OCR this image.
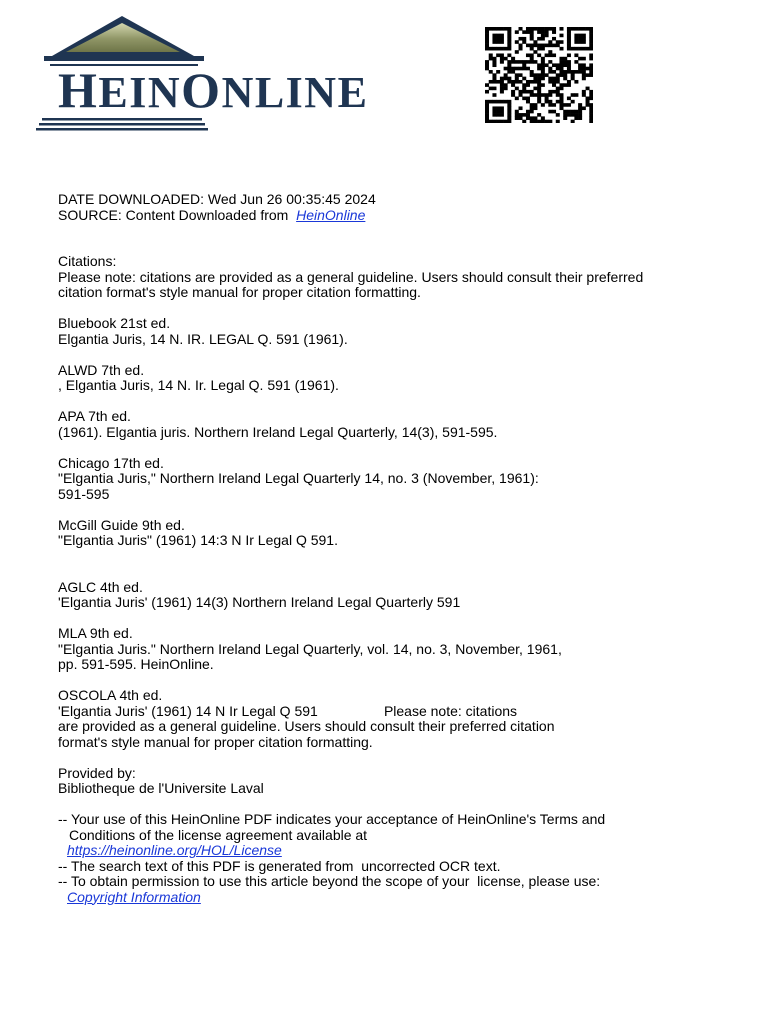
HEINONLINE
DATE DOWNLOADED: Wed Jun 26 00:35:45 2024
SOURCE: Content Downloaded from  HeinOnline
Citations:
Please note: citations are provided as a general guideline. Users should consult their preferred
citation format's style manual for proper citation formatting.
Bluebook 21st ed.
Elgantia Juris, 14 N. IR. LEGAL Q. 591 (1961).
ALWD 7th ed.
, Elgantia Juris, 14 N. Ir. Legal Q. 591 (1961).
APA 7th ed.
(1961). Elgantia juris. Northern Ireland Legal Quarterly, 14(3), 591-595.
Chicago 17th ed.
"Elgantia Juris," Northern Ireland Legal Quarterly 14, no. 3 (November, 1961):
591-595
McGill Guide 9th ed.
"Elgantia Juris" (1961) 14:3 N Ir Legal Q 591.
AGLC 4th ed.
'Elgantia Juris' (1961) 14(3) Northern Ireland Legal Quarterly 591
MLA 9th ed.
"Elgantia Juris." Northern Ireland Legal Quarterly, vol. 14, no. 3, November, 1961,
pp. 591-595. HeinOnline.
OSCOLA 4th ed.
'Elgantia Juris' (1961) 14 N Ir Legal Q 591                 Please note: citations
are provided as a general guideline. Users should consult their preferred citation
format's style manual for proper citation formatting.
Provided by:
Bibliotheque de l'Universite Laval
-- Your use of this HeinOnline PDF indicates your acceptance of HeinOnline's Terms and
Conditions of the license agreement available at
https://heinonline.org/HOL/License
-- The search text of this PDF is generated from  uncorrected OCR text.
-- To obtain permission to use this article beyond the scope of your  license, please use:
Copyright Information
